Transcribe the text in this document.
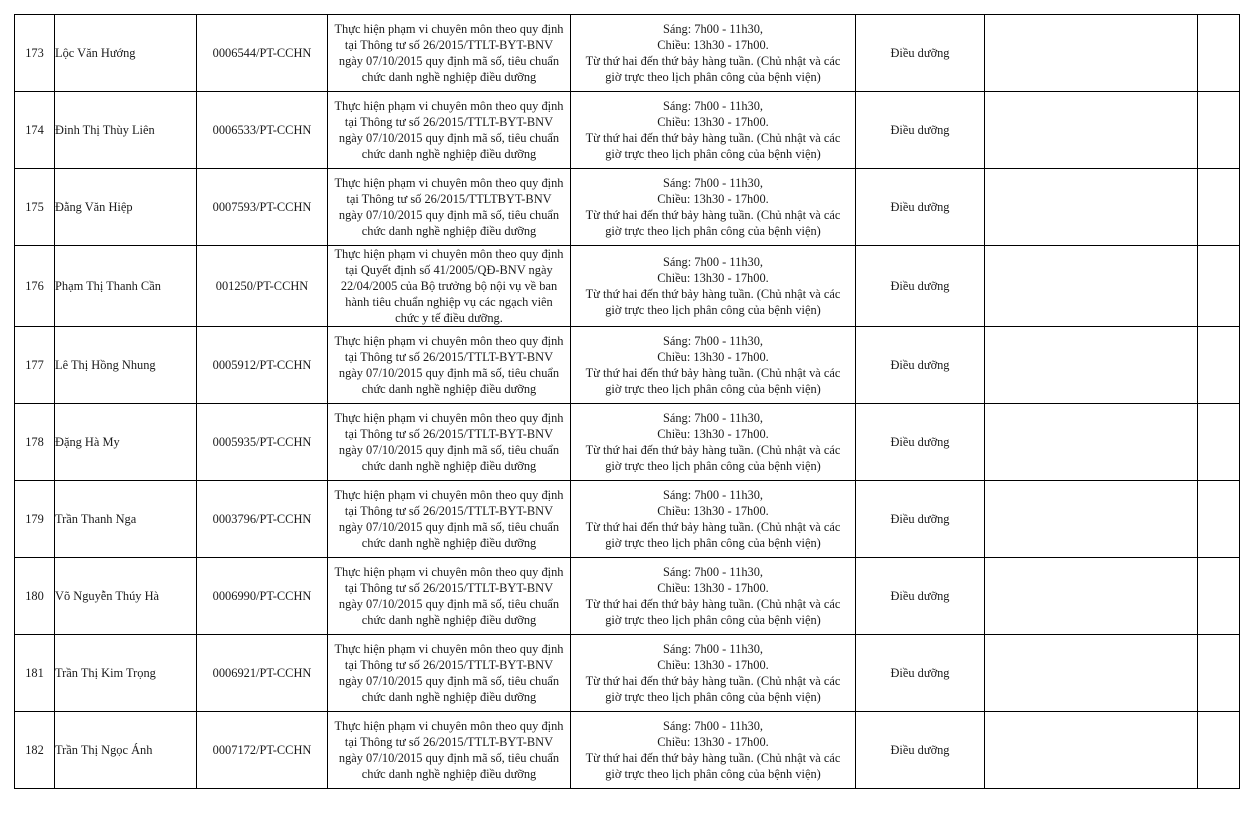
173	Lộc Văn Hướng	0006544/PT-CCHN	Thực hiện phạm vi chuyên môn theo quy định
tại Thông tư số 26/2015/TTLT-BYT-BNV
ngày 07/10/2015 quy định mã số, tiêu chuẩn
chức danh nghề nghiệp điều dưỡng	Sáng: 7h00 - 11h30,
Chiều: 13h30 - 17h00.
Từ thứ hai đến thứ bảy hàng tuần. (Chủ nhật và các
giờ trực theo lịch phân công của bệnh viện)	Điều dưỡng		
174	Đinh Thị Thùy Liên	0006533/PT-CCHN	Thực hiện phạm vi chuyên môn theo quy định
tại Thông tư số 26/2015/TTLT-BYT-BNV
ngày 07/10/2015 quy định mã số, tiêu chuẩn
chức danh nghề nghiệp điều dưỡng	Sáng: 7h00 - 11h30,
Chiều: 13h30 - 17h00.
Từ thứ hai đến thứ bảy hàng tuần. (Chủ nhật và các
giờ trực theo lịch phân công của bệnh viện)	Điều dưỡng		
175	Đằng Văn Hiệp	0007593/PT-CCHN	Thực hiện phạm vi chuyên môn theo quy định
tại Thông tư số 26/2015/TTLTBYT-BNV
ngày 07/10/2015 quy định mã số, tiêu chuẩn
chức danh nghề nghiệp điều dưỡng	Sáng: 7h00 - 11h30,
Chiều: 13h30 - 17h00.
Từ thứ hai đến thứ bảy hàng tuần. (Chủ nhật và các
giờ trực theo lịch phân công của bệnh viện)	Điều dưỡng		
176	Phạm Thị Thanh Cần	001250/PT-CCHN	Thực hiện phạm vi chuyên môn theo quy định
tại Quyết định số 41/2005/QĐ-BNV ngày
22/04/2005 của Bộ trưởng bộ nội vụ về ban
hành tiêu chuẩn nghiệp vụ các ngạch viên
chức y tế điều dưỡng.	Sáng: 7h00 - 11h30,
Chiều: 13h30 - 17h00.
Từ thứ hai đến thứ bảy hàng tuần. (Chủ nhật và các
giờ trực theo lịch phân công của bệnh viện)	Điều dưỡng		
177	Lê Thị Hồng Nhung	0005912/PT-CCHN	Thực hiện phạm vi chuyên môn theo quy định
tại Thông tư số 26/2015/TTLT-BYT-BNV
ngày 07/10/2015 quy định mã số, tiêu chuẩn
chức danh nghề nghiệp điều dưỡng	Sáng: 7h00 - 11h30,
Chiều: 13h30 - 17h00.
Từ thứ hai đến thứ bảy hàng tuần. (Chủ nhật và các
giờ trực theo lịch phân công của bệnh viện)	Điều dưỡng		
178	Đặng Hà My	0005935/PT-CCHN	Thực hiện phạm vi chuyên môn theo quy định
tại Thông tư số 26/2015/TTLT-BYT-BNV
ngày 07/10/2015 quy định mã số, tiêu chuẩn
chức danh nghề nghiệp điều dưỡng	Sáng: 7h00 - 11h30,
Chiều: 13h30 - 17h00.
Từ thứ hai đến thứ bảy hàng tuần. (Chủ nhật và các
giờ trực theo lịch phân công của bệnh viện)	Điều dưỡng		
179	Trần Thanh Nga	0003796/PT-CCHN	Thực hiện phạm vi chuyên môn theo quy định
tại Thông tư số 26/2015/TTLT-BYT-BNV
ngày 07/10/2015 quy định mã số, tiêu chuẩn
chức danh nghề nghiệp điều dưỡng	Sáng: 7h00 - 11h30,
Chiều: 13h30 - 17h00.
Từ thứ hai đến thứ bảy hàng tuần. (Chủ nhật và các
giờ trực theo lịch phân công của bệnh viện)	Điều dưỡng		
180	Võ Nguyễn Thúy Hà	0006990/PT-CCHN	Thực hiện phạm vi chuyên môn theo quy định
tại Thông tư số 26/2015/TTLT-BYT-BNV
ngày 07/10/2015 quy định mã số, tiêu chuẩn
chức danh nghề nghiệp điều dưỡng	Sáng: 7h00 - 11h30,
Chiều: 13h30 - 17h00.
Từ thứ hai đến thứ bảy hàng tuần. (Chủ nhật và các
giờ trực theo lịch phân công của bệnh viện)	Điều dưỡng		
181	Trần Thị Kim Trọng	0006921/PT-CCHN	Thực hiện phạm vi chuyên môn theo quy định
tại Thông tư số 26/2015/TTLT-BYT-BNV
ngày 07/10/2015 quy định mã số, tiêu chuẩn
chức danh nghề nghiệp điều dưỡng	Sáng: 7h00 - 11h30,
Chiều: 13h30 - 17h00.
Từ thứ hai đến thứ bảy hàng tuần. (Chủ nhật và các
giờ trực theo lịch phân công của bệnh viện)	Điều dưỡng		
182	Trần Thị Ngọc Ánh	0007172/PT-CCHN	Thực hiện phạm vi chuyên môn theo quy định
tại Thông tư số 26/2015/TTLT-BYT-BNV
ngày 07/10/2015 quy định mã số, tiêu chuẩn
chức danh nghề nghiệp điều dưỡng	Sáng: 7h00 - 11h30,
Chiều: 13h30 - 17h00.
Từ thứ hai đến thứ bảy hàng tuần. (Chủ nhật và các
giờ trực theo lịch phân công của bệnh viện)	Điều dưỡng		
